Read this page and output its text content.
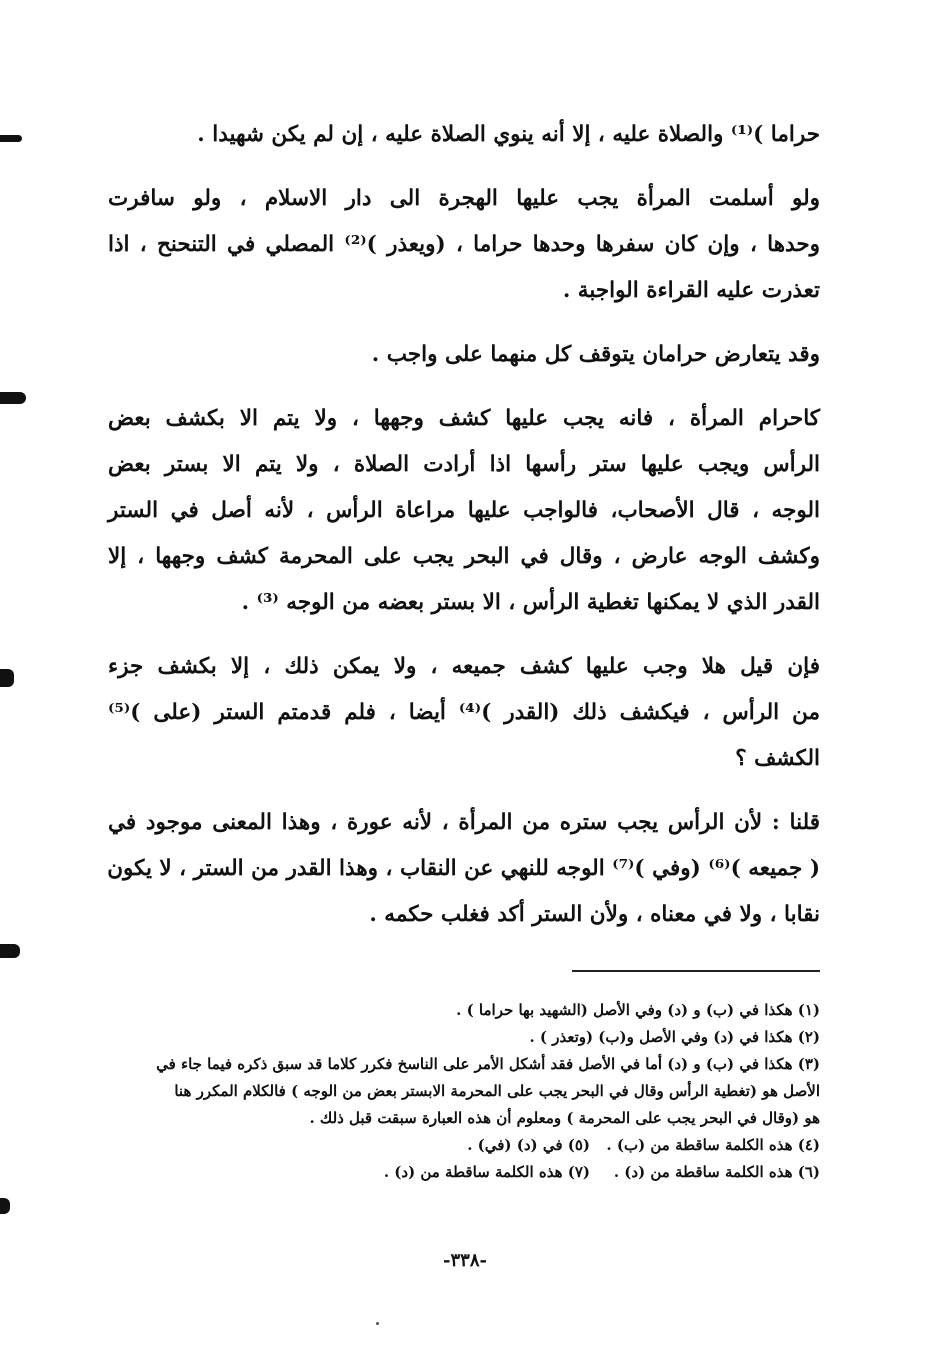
حراما )⁽¹⁾ والصلاة عليه ، إلا أنه ينوي الصلاة عليه ، إن لم يكن شهيدا .
ولو أسلمت المرأة يجب عليها الهجرة الى دار الاسلام ، ولو سافرت
وحدها ، وإن كان سفرها وحدها حراما ، (ويعذر )⁽²⁾ المصلي في التنحنح ، اذا
تعذرت عليه القراءة الواجبة .
وقد يتعارض حرامان يتوقف كل منهما على واجب .
كاحرام المرأة ، فانه يجب عليها كشف وجهها ، ولا يتم الا بكشف بعض
الرأس ويجب عليها ستر رأسها اذا أرادت الصلاة ، ولا يتم الا بستر بعض
الوجه ، قال الأصحاب، فالواجب عليها مراعاة الرأس ، لأنه أصل في الستر
وكشف الوجه عارض ، وقال في البحر يجب على المحرمة كشف وجهها ، إلا
القدر الذي لا يمكنها تغطية الرأس ، الا بستر بعضه من الوجه ⁽³⁾ .
فإن قيل هلا وجب عليها كشف جميعه ، ولا يمكن ذلك ، إلا بكشف جزء
من الرأس ، فيكشف ذلك (القدر )⁽⁴⁾ أيضا ، فلم قدمتم الستر (على )⁽⁵⁾
الكشف ؟
قلنا : لأن الرأس يجب ستره من المرأة ، لأنه عورة ، وهذا المعنى موجود في
( جميعه )⁽⁶⁾ (وفي )⁽⁷⁾ الوجه للنهي عن النقاب ، وهذا القدر من الستر ، لا يكون
نقابا ، ولا في معناه ، ولأن الستر أكد فغلب حكمه .
(١) هكذا في (ب) و (د) وفي الأصل (الشهيد بها حراما ) .
(٢) هكذا في (د) وفي الأصل و(ب) (وتعذر ) .
(٣) هكذا في (ب) و (د) أما في الأصل فقد أشكل الأمر على الناسخ فكرر كلاما قد سبق ذكره فيما جاء في
الأصل هو (تغطية الرأس وقال في البحر يجب على المحرمة الابستر بعض من الوجه ) فالكلام المكرر هنا
هو (وقال في البحر يجب على المحرمة ) ومعلوم أن هذه العبارة سبقت قبل ذلك .
(٤) هذه الكلمة ساقطة من (ب) .
(٥) في (د) (في) .
(٦) هذه الكلمة ساقطة من (د) .
(٧) هذه الكلمة ساقطة من (د) .
-٣٣٨-
